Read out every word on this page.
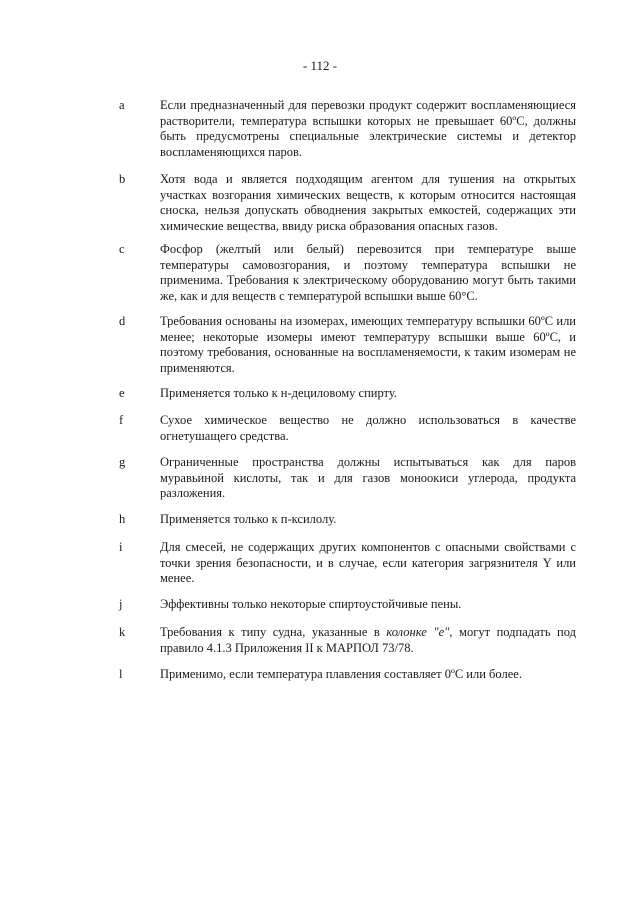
- 112 -
a	Если предназначенный для перевозки продукт содержит воспламеняющиеся растворители, температура вспышки которых не превышает 60ºC, должны быть предусмотрены специальные электрические системы и детектор воспламеняющихся паров.
b	Хотя вода и является подходящим агентом для тушения на открытых участках возгорания химических веществ, к которым относится настоящая сноска, нельзя допускать обводнения закрытых емкостей, содержащих эти химические вещества, ввиду риска образования опасных газов.
c	Фосфор (желтый или белый) перевозится при температуре выше температуры самовозгорания, и поэтому температура вспышки не применима. Требования к электрическому оборудованию могут быть такими же, как и для веществ с температурой вспышки выше 60°C.
d	Требования основаны на изомерах, имеющих температуру вспышки 60ºC или менее; некоторые изомеры имеют температуру вспышки выше 60ºC, и поэтому требования, основанные на воспламеняемости, к таким изомерам не применяются.
e	Применяется только к н-дециловому спирту.
f	Сухое химическое вещество не должно использоваться в качестве огнетушащего средства.
g	Ограниченные пространства должны испытываться как для паров муравьиной кислоты, так и для газов моноокиси углерода, продукта разложения.
h	Применяется только к п-ксилолу.
i	Для смесей, не содержащих других компонентов с опасными свойствами с точки зрения безопасности, и в случае, если категория загрязнителя Y или менее.
j	Эффективны только некоторые спиртоустойчивые пены.
k	Требования к типу судна, указанные в колонке "е", могут подпадать под правило 4.1.3 Приложения II к МАРПОЛ 73/78.
l	Применимо, если температура плавления составляет 0ºC или более.
